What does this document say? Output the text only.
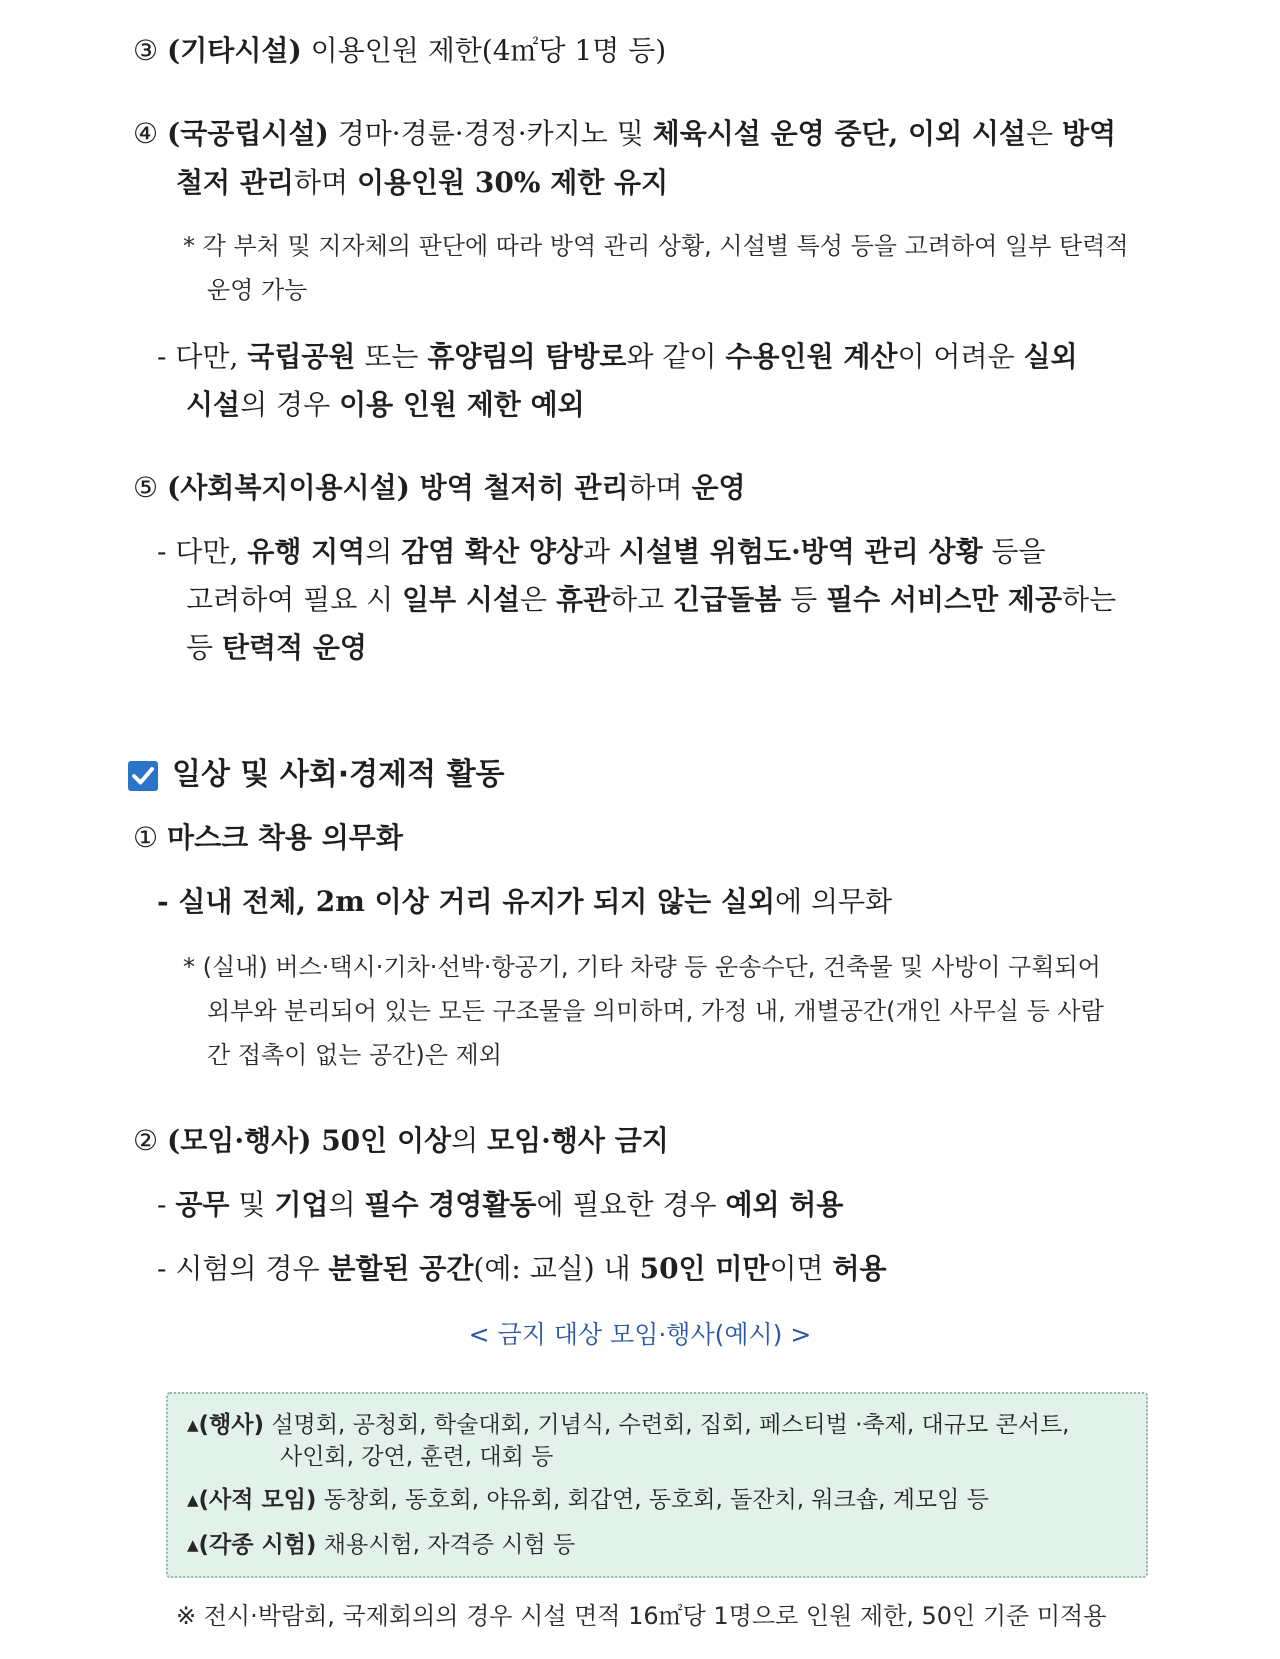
③ (기타시설) 이용인원 제한(4㎡당 1명 등)
④ (국공립시설) 경마·경륜·경정·카지노 및 체육시설 운영 중단, 이외 시설은 방역
철저 관리하며 이용인원 30% 제한 유지
* 각 부처 및 지자체의 판단에 따라 방역 관리 상황, 시설별 특성 등을 고려하여 일부 탄력적
운영 가능
- 다만, 국립공원 또는 휴양림의 탐방로와 같이 수용인원 계산이 어려운 실외
시설의 경우 이용 인원 제한 예외
⑤ (사회복지이용시설) 방역 철저히 관리하며 운영
- 다만, 유행 지역의 감염 확산 양상과 시설별 위험도·방역 관리 상황 등을
고려하여 필요 시 일부 시설은 휴관하고 긴급돌봄 등 필수 서비스만 제공하는
등 탄력적 운영
일상 및 사회·경제적 활동
① 마스크 착용 의무화
- 실내 전체, 2m 이상 거리 유지가 되지 않는 실외에 의무화
* (실내) 버스·택시·기차·선박·항공기, 기타 차량 등 운송수단, 건축물 및 사방이 구획되어
외부와 분리되어 있는 모든 구조물을 의미하며, 가정 내, 개별공간(개인 사무실 등 사람
간 접촉이 없는 공간)은 제외
② (모임·행사) 50인 이상의 모임·행사 금지
- 공무 및 기업의 필수 경영활동에 필요한 경우 예외 허용
- 시험의 경우 분할된 공간(예: 교실) 내 50인 미만이면 허용
< 금지 대상 모임·행사(예시) >
▴(행사) 설명회, 공청회, 학술대회, 기념식, 수련회, 집회, 페스티벌 ·축제, 대규모 콘서트,
사인회, 강연, 훈련, 대회 등
▴(사적 모임) 동창회, 동호회, 야유회, 회갑연, 동호회, 돌잔치, 워크숍, 계모임 등
▴(각종 시험) 채용시험, 자격증 시험 등
※ 전시·박람회, 국제회의의 경우 시설 면적 16㎡당 1명으로 인원 제한, 50인 기준 미적용
